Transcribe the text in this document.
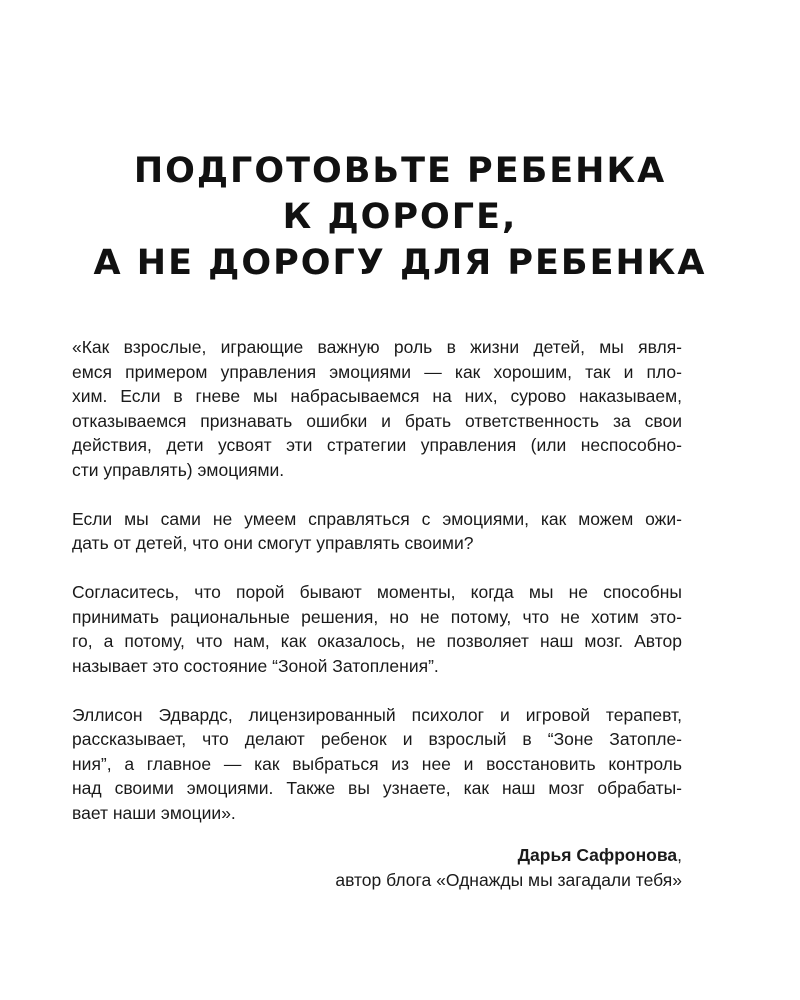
ПОДГОТОВЬТЕ РЕБЕНКА
К ДОРОГЕ,
А НЕ ДОРОГУ ДЛЯ РЕБЕНКА

«Как взрослые, играющие важную роль в жизни детей, мы явля-
емся примером управления эмоциями — как хорошим, так и пло-
хим. Если в гневе мы набрасываемся на них, сурово наказываем,
отказываемся признавать ошибки и брать ответственность за свои
действия, дети усвоят эти стратегии управления (или неспособно-
сти управлять) эмоциями.

Если мы сами не умеем справляться с эмоциями, как можем ожи-
дать от детей, что они смогут управлять своими?

Согласитесь, что порой бывают моменты, когда мы не способны
принимать рациональные решения, но не потому, что не хотим это-
го, а потому, что нам, как оказалось, не позволяет наш мозг. Автор
называет это состояние “Зоной Затопления”.

Эллисон Эдвардс, лицензированный психолог и игровой терапевт,
рассказывает, что делают ребенок и взрослый в “Зоне Затопле-
ния”, а главное — как выбраться из нее и восстановить контроль
над своими эмоциями. Также вы узнаете, как наш мозг обрабаты-
вает наши эмоции».

Дарья Сафронова,
автор блога «Однажды мы загадали тебя»
